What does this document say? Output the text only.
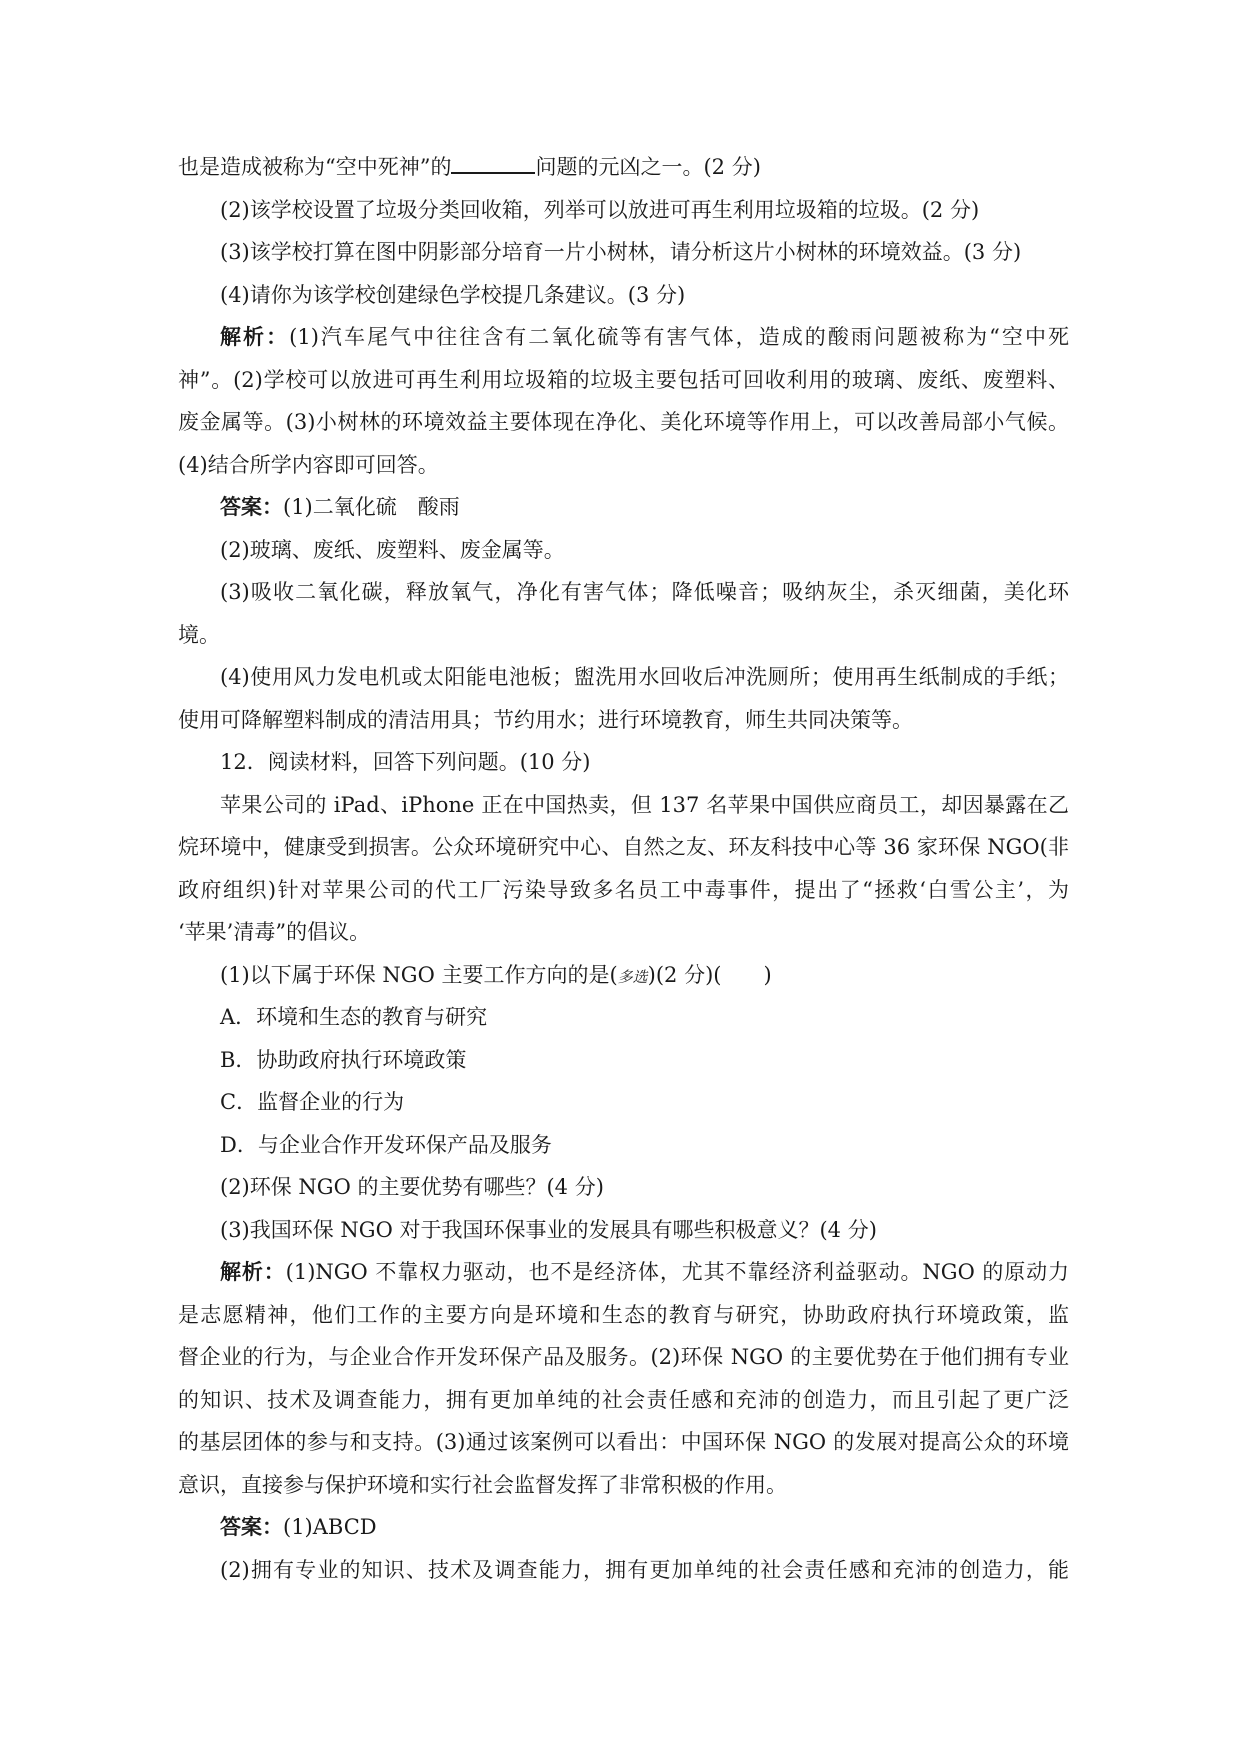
也是造成被称为“空中死神”的	问题的元凶之一。(2 分)
(2)该学校设置了垃圾分类回收箱，列举可以放进可再生利用垃圾箱的垃圾。(2 分)
(3)该学校打算在图中阴影部分培育一片小树林，请分析这片小树林的环境效益。(3 分)
(4)请你为该学校创建绿色学校提几条建议。(3 分)
解析：(1)汽车尾气中往往含有二氧化硫等有害气体，造成的酸雨问题被称为“空中死
神”。(2)学校可以放进可再生利用垃圾箱的垃圾主要包括可回收利用的玻璃、废纸、废塑料、
废金属等。(3)小树林的环境效益主要体现在净化、美化环境等作用上，可以改善局部小气候。
(4)结合所学内容即可回答。
答案：(1)二氧化硫　酸雨
(2)玻璃、废纸、废塑料、废金属等。
(3)吸收二氧化碳，释放氧气，净化有害气体；降低噪音；吸纳灰尘，杀灭细菌，美化环
境。
(4)使用风力发电机或太阳能电池板；盥洗用水回收后冲洗厕所；使用再生纸制成的手纸；
使用可降解塑料制成的清洁用具；节约用水；进行环境教育，师生共同决策等。
12．阅读材料，回答下列问题。(10 分)
苹果公司的 iPad、iPhone 正在中国热卖，但 137 名苹果中国供应商员工，却因暴露在乙
烷环境中，健康受到损害。公众环境研究中心、自然之友、环友科技中心等 36 家环保 NGO(非
政府组织)针对苹果公司的代工厂污染导致多名员工中毒事件，提出了“拯救‘白雪公主’，为
‘苹果’清毒”的倡议。
(1)以下属于环保 NGO 主要工作方向的是(多选)(2 分)(　　)
A．环境和生态的教育与研究
B．协助政府执行环境政策
C．监督企业的行为
D．与企业合作开发环保产品及服务
(2)环保 NGO 的主要优势有哪些？(4 分)
(3)我国环保 NGO 对于我国环保事业的发展具有哪些积极意义？(4 分)
解析：(1)NGO 不靠权力驱动，也不是经济体，尤其不靠经济利益驱动。NGO 的原动力
是志愿精神，他们工作的主要方向是环境和生态的教育与研究，协助政府执行环境政策，监
督企业的行为，与企业合作开发环保产品及服务。(2)环保 NGO 的主要优势在于他们拥有专业
的知识、技术及调查能力，拥有更加单纯的社会责任感和充沛的创造力，而且引起了更广泛
的基层团体的参与和支持。(3)通过该案例可以看出：中国环保 NGO 的发展对提高公众的环境
意识，直接参与保护环境和实行社会监督发挥了非常积极的作用。
答案：(1)ABCD
(2)拥有专业的知识、技术及调查能力，拥有更加单纯的社会责任感和充沛的创造力，能
